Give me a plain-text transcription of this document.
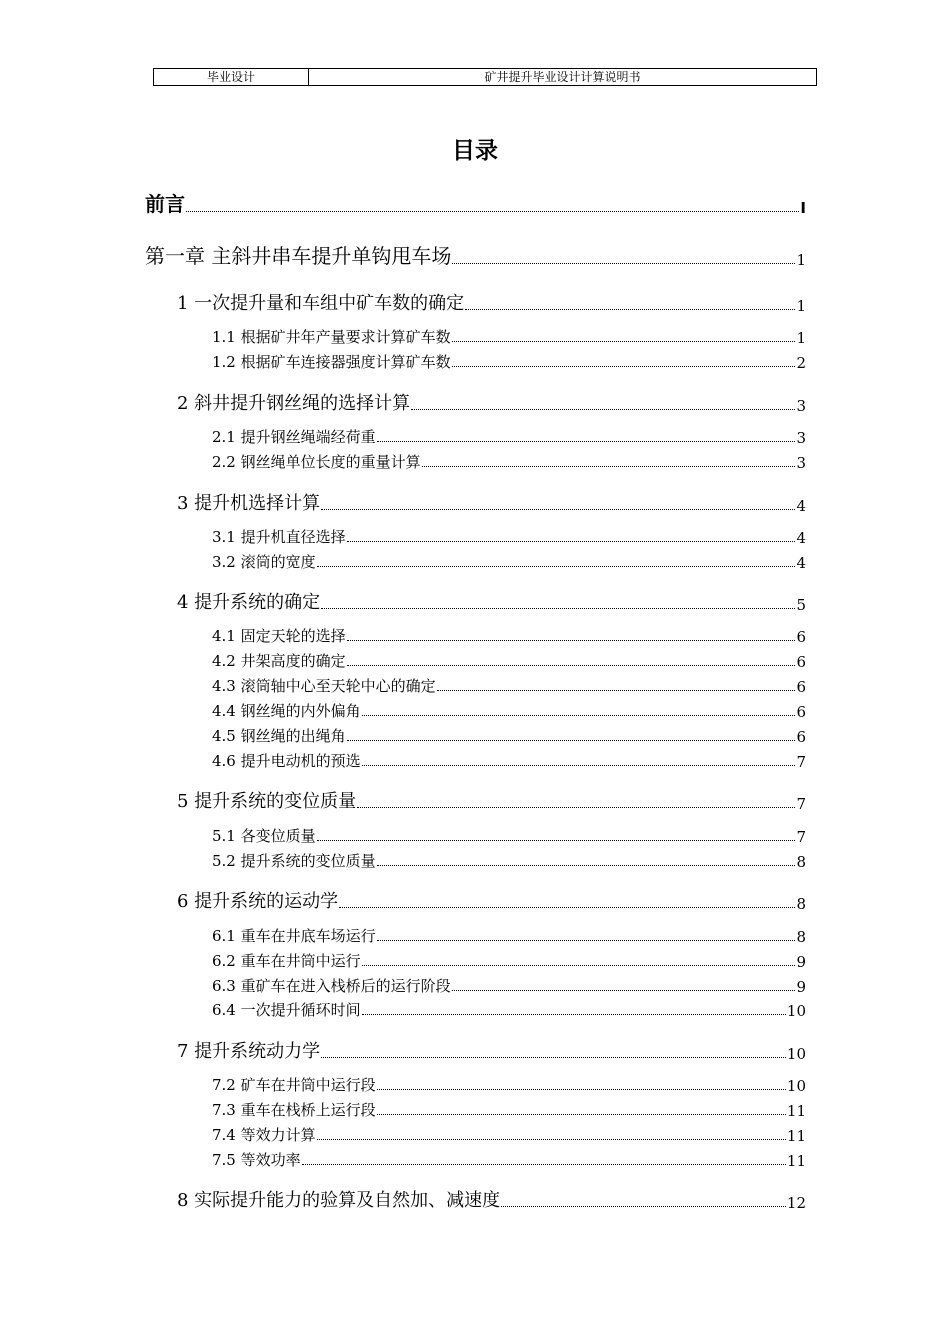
毕业设计	矿井提升毕业设计计算说明书
目录
前言	I
第一章 主斜井串车提升单钩甩车场	1
1 一次提升量和车组中矿车数的确定	1
1.1 根据矿井年产量要求计算矿车数	1
1.2 根据矿车连接器强度计算矿车数	2
2 斜井提升钢丝绳的选择计算	3
2.1 提升钢丝绳端经荷重	3
2.2 钢丝绳单位长度的重量计算	3
3 提升机选择计算	4
3.1 提升机直径选择	4
3.2 滚筒的宽度	4
4 提升系统的确定	5
4.1 固定天轮的选择	6
4.2 井架高度的确定	6
4.3 滚筒轴中心至天轮中心的确定	6
4.4 钢丝绳的内外偏角	6
4.5 钢丝绳的出绳角	6
4.6 提升电动机的预选	7
5 提升系统的变位质量	7
5.1 各变位质量	7
5.2 提升系统的变位质量	8
6 提升系统的运动学	8
6.1 重车在井底车场运行	8
6.2 重车在井筒中运行	9
6.3 重矿车在进入栈桥后的运行阶段	9
6.4 一次提升循环时间	10
7 提升系统动力学	10
7.2 矿车在井筒中运行段	10
7.3 重车在栈桥上运行段	11
7.4 等效力计算	11
7.5 等效功率	11
8 实际提升能力的验算及自然加、减速度	12
